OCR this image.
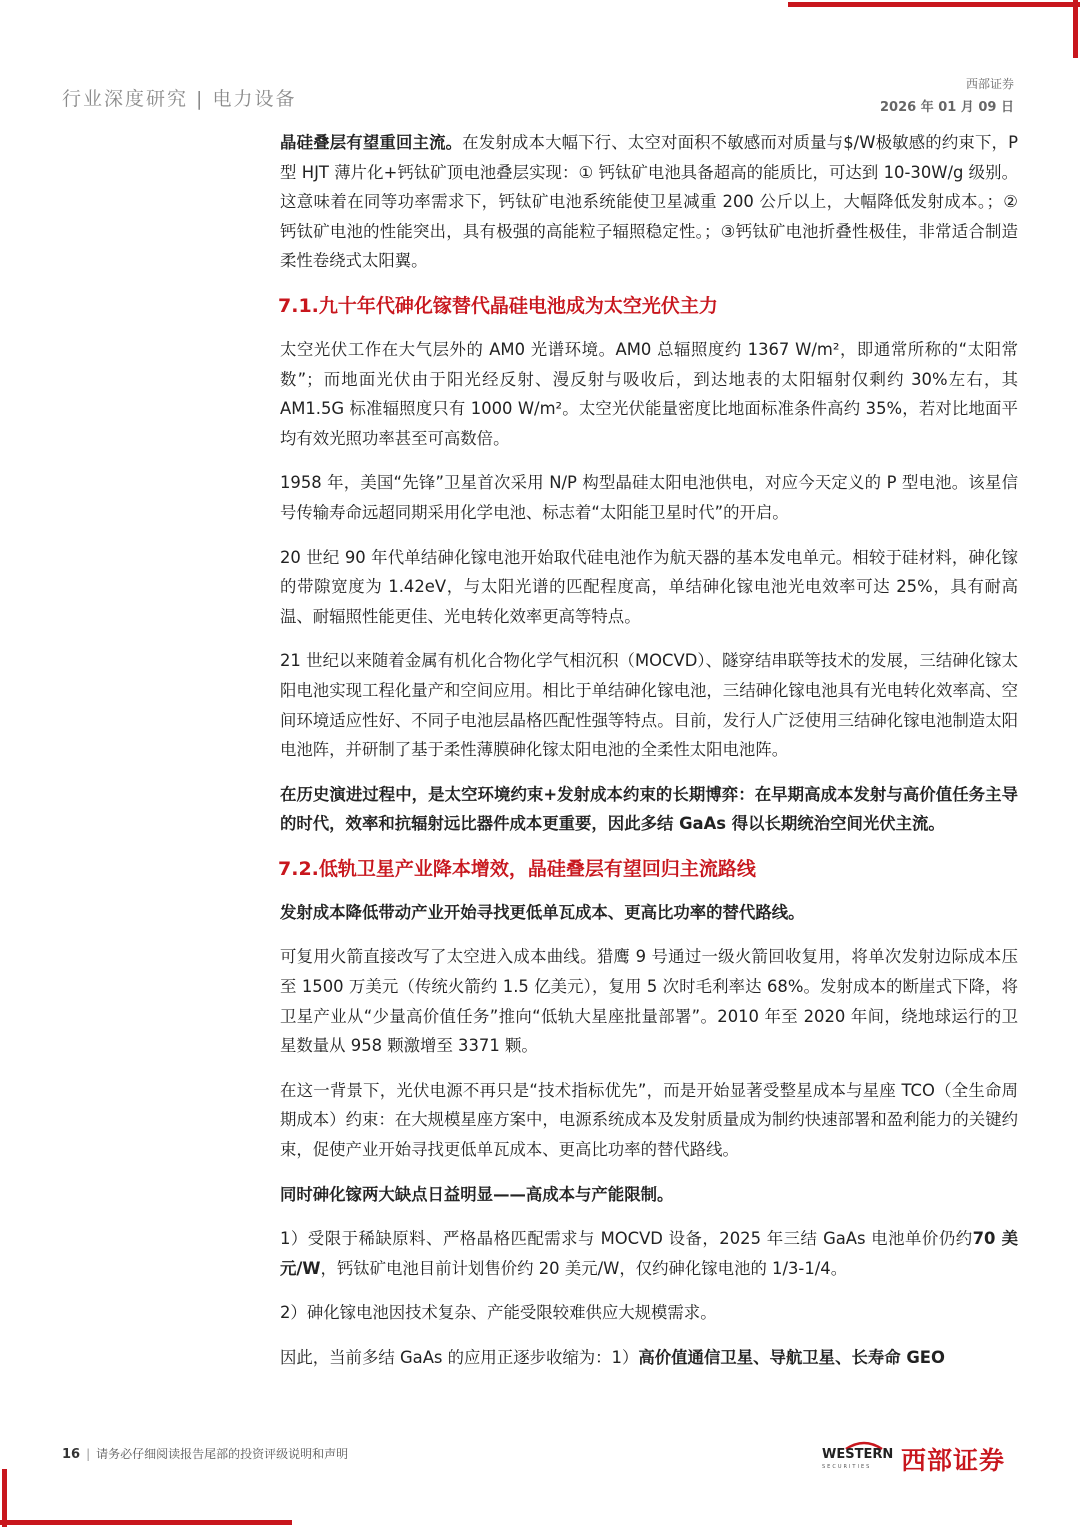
行业深度研究 | 电力设备
西部证券
2026 年 01 月 09 日

晶硅叠层有望重回主流。在发射成本大幅下行、太空对面积不敏感而对质量与$/W极敏感的约束下，P 型 HJT 薄片化+钙钛矿顶电池叠层实现：① 钙钛矿电池具备超高的能质比，可达到 10-30W/g 级别。这意味着在同等功率需求下，钙钛矿电池系统能使卫星减重 200 公斤以上，大幅降低发射成本。；② 钙钛矿电池的性能突出，具有极强的高能粒子辐照稳定性。；③钙钛矿电池折叠性极佳，非常适合制造柔性卷绕式太阳翼。

7.1.九十年代砷化镓替代晶硅电池成为太空光伏主力

太空光伏工作在大气层外的 AM0 光谱环境。AM0 总辐照度约 1367 W/m²，即通常所称的“太阳常数”；而地面光伏由于阳光经反射、漫反射与吸收后，到达地表的太阳辐射仅剩约 30%左右，其 AM1.5G 标准辐照度只有 1000 W/m²。太空光伏能量密度比地面标准条件高约 35%，若对比地面平均有效光照功率甚至可高数倍。

1958 年，美国“先锋”卫星首次采用 N/P 构型晶硅太阳电池供电，对应今天定义的 P 型电池。该星信号传输寿命远超同期采用化学电池、标志着“太阳能卫星时代”的开启。

20 世纪 90 年代单结砷化镓电池开始取代硅电池作为航天器的基本发电单元。相较于硅材料，砷化镓的带隙宽度为 1.42eV，与太阳光谱的匹配程度高，单结砷化镓电池光电效率可达 25%，具有耐高温、耐辐照性能更佳、光电转化效率更高等特点。

21 世纪以来随着金属有机化合物化学气相沉积（MOCVD）、隧穿结串联等技术的发展，三结砷化镓太阳电池实现工程化量产和空间应用。相比于单结砷化镓电池，三结砷化镓电池具有光电转化效率高、空间环境适应性好、不同子电池层晶格匹配性强等特点。目前，发行人广泛使用三结砷化镓电池制造太阳电池阵，并研制了基于柔性薄膜砷化镓太阳电池的全柔性太阳电池阵。

在历史演进过程中，是太空环境约束+发射成本约束的长期博弈：在早期高成本发射与高价值任务主导的时代，效率和抗辐射远比器件成本更重要，因此多结 GaAs 得以长期统治空间光伏主流。

7.2.低轨卫星产业降本增效，晶硅叠层有望回归主流路线

发射成本降低带动产业开始寻找更低单瓦成本、更高比功率的替代路线。

可复用火箭直接改写了太空进入成本曲线。猎鹰 9 号通过一级火箭回收复用，将单次发射边际成本压至 1500 万美元（传统火箭约 1.5 亿美元），复用 5 次时毛利率达 68%。发射成本的断崖式下降，将卫星产业从“少量高价值任务”推向“低轨大星座批量部署”。2010 年至 2020 年间，绕地球运行的卫星数量从 958 颗激增至 3371 颗。

在这一背景下，光伏电源不再只是“技术指标优先”，而是开始显著受整星成本与星座 TCO（全生命周期成本）约束：在大规模星座方案中，电源系统成本及发射质量成为制约快速部署和盈利能力的关键约束，促使产业开始寻找更低单瓦成本、更高比功率的替代路线。

同时砷化镓两大缺点日益明显——高成本与产能限制。

1）受限于稀缺原料、严格晶格匹配需求与 MOCVD 设备，2025 年三结 GaAs 电池单价仍约70 美元/W，钙钛矿电池目前计划售价约 20 美元/W，仅约砷化镓电池的 1/3-1/4。

2）砷化镓电池因技术复杂、产能受限较难供应大规模需求。

因此，当前多结 GaAs 的应用正逐步收缩为：1）高价值通信卫星、导航卫星、长寿命 GEO

16 | 请务必仔细阅读报告尾部的投资评级说明和声明	WESTERN
SECURITIES 西部证券
